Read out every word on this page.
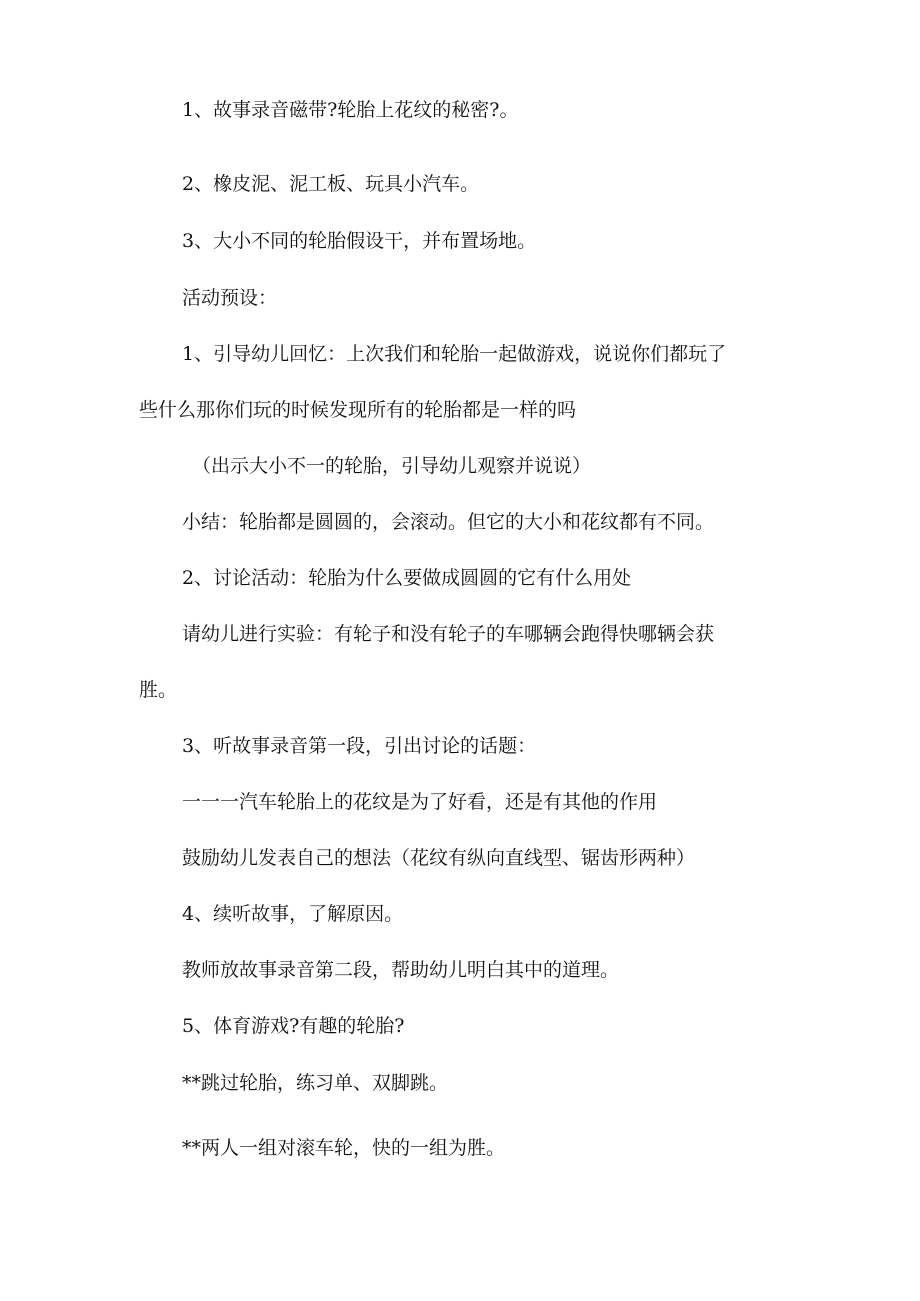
1、故事录音磁带?轮胎上花纹的秘密?。
2、橡皮泥、泥工板、玩具小汽车。
3、大小不同的轮胎假设干，并布置场地。
活动预设：
1、引导幼儿回忆：上次我们和轮胎一起做游戏，说说你们都玩了
些什么那你们玩的时候发现所有的轮胎都是一样的吗
（出示大小不一的轮胎，引导幼儿观察并说说）
小结：轮胎都是圆圆的，会滚动。但它的大小和花纹都有不同。
2、讨论活动：轮胎为什么要做成圆圆的它有什么用处
请幼儿进行实验：有轮子和没有轮子的车哪辆会跑得快哪辆会获
胜。
3、听故事录音第一段，引出讨论的话题：
一一一汽车轮胎上的花纹是为了好看，还是有其他的作用
鼓励幼儿发表自己的想法（花纹有纵向直线型、锯齿形两种）
4、续听故事，了解原因。
教师放故事录音第二段，帮助幼儿明白其中的道理。
5、体育游戏?有趣的轮胎?
**跳过轮胎，练习单、双脚跳。
**两人一组对滚车轮，快的一组为胜。
